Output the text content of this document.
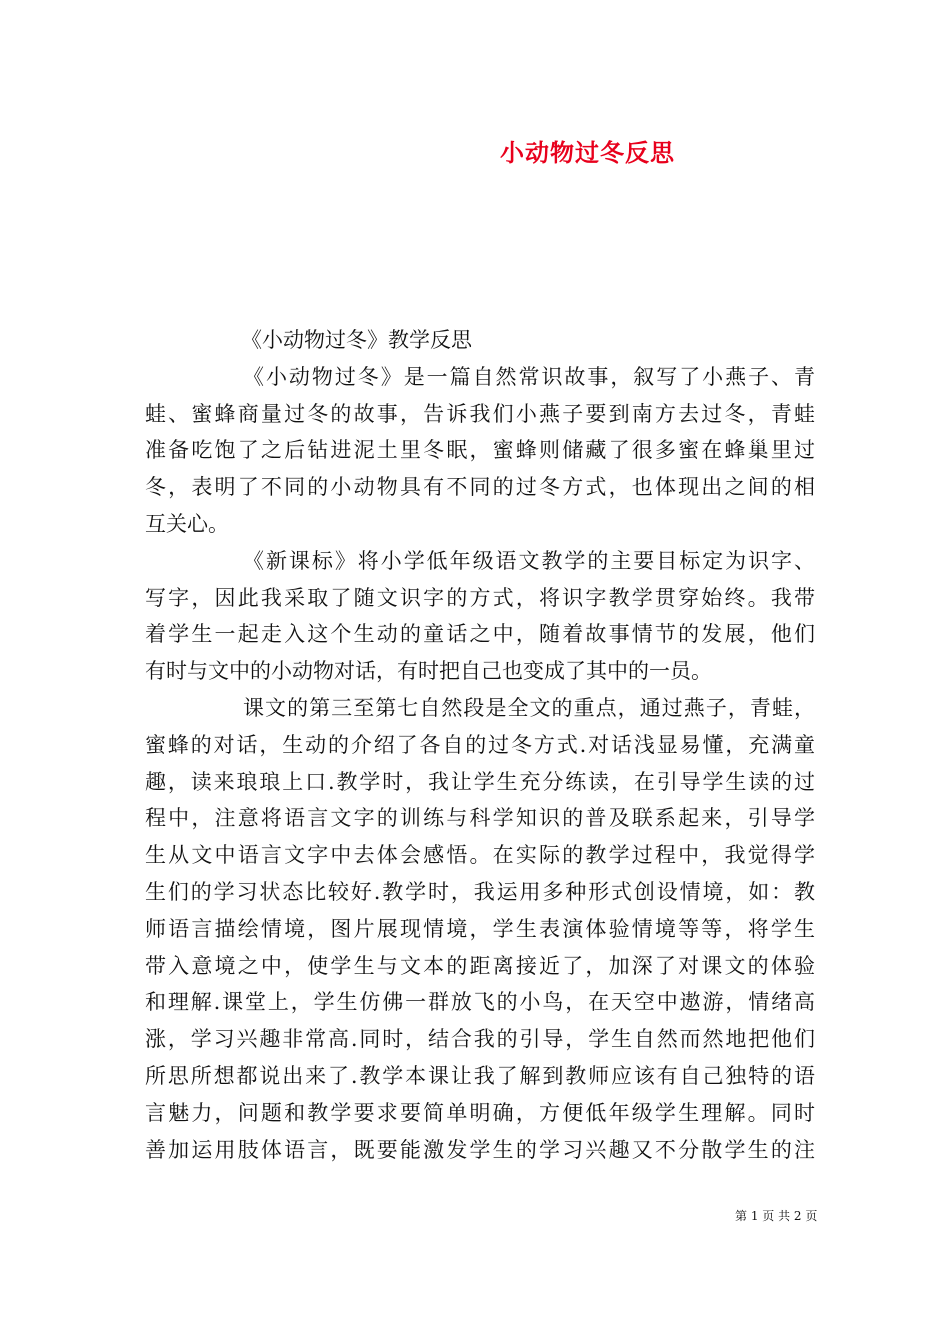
小动物过冬反思
《小动物过冬》教学反思
《小动物过冬》是一篇自然常识故事，叙写了小燕子、青
蛙、蜜蜂商量过冬的故事，告诉我们小燕子要到南方去过冬，青蛙
准备吃饱了之后钻进泥土里冬眠，蜜蜂则储藏了很多蜜在蜂巢里过
冬，表明了不同的小动物具有不同的过冬方式，也体现出之间的相
互关心。
《新课标》将小学低年级语文教学的主要目标定为识字、
写字，因此我采取了随文识字的方式，将识字教学贯穿始终。我带
着学生一起走入这个生动的童话之中，随着故事情节的发展，他们
有时与文中的小动物对话，有时把自己也变成了其中的一员。
课文的第三至第七自然段是全文的重点，通过燕子，青蛙，
蜜蜂的对话，生动的介绍了各自的过冬方式.对话浅显易懂，充满童
趣，读来琅琅上口.教学时，我让学生充分练读，在引导学生读的过
程中，注意将语言文字的训练与科学知识的普及联系起来，引导学
生从文中语言文字中去体会感悟。在实际的教学过程中，我觉得学
生们的学习状态比较好.教学时，我运用多种形式创设情境，如：教
师语言描绘情境，图片展现情境，学生表演体验情境等等，将学生
带入意境之中，使学生与文本的距离接近了，加深了对课文的体验
和理解.课堂上，学生仿佛一群放飞的小鸟，在天空中遨游，情绪高
涨，学习兴趣非常高.同时，结合我的引导，学生自然而然地把他们
所思所想都说出来了.教学本课让我了解到教师应该有自己独特的语
言魅力，问题和教学要求要简单明确，方便低年级学生理解。同时
善加运用肢体语言，既要能激发学生的学习兴趣又不分散学生的注
第 1 页 共 2 页
